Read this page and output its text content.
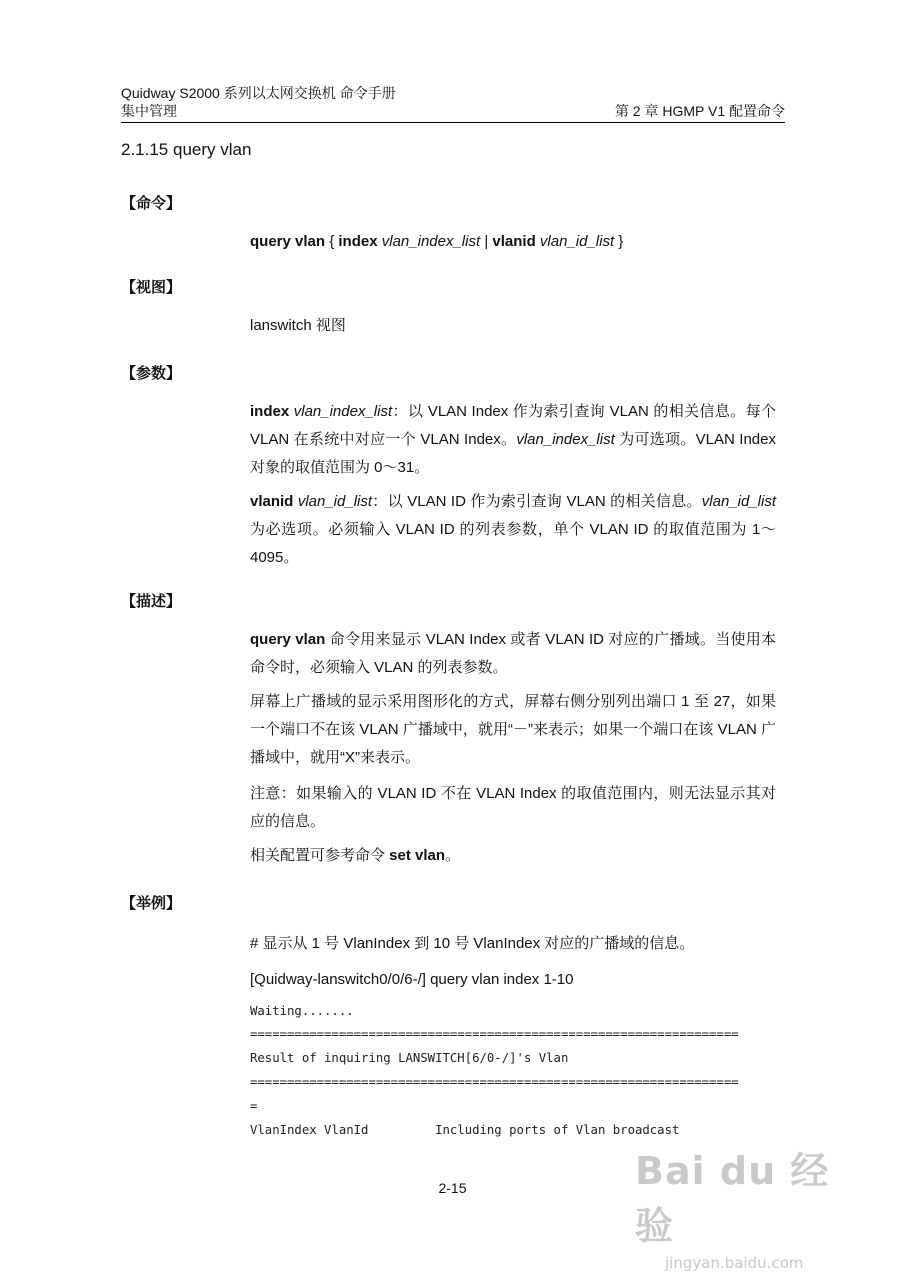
Quidway S2000 系列以太网交换机 命令手册
集中管理	第 2 章 HGMP V1 配置命令
2.1.15 query vlan
【命令】
query vlan { index vlan_index_list | vlanid vlan_id_list }
【视图】
lanswitch 视图
【参数】
index vlan_index_list：以 VLAN Index 作为索引查询 VLAN 的相关信息。每个 VLAN 在系统中对应一个 VLAN Index。vlan_index_list 为可选项。VLAN Index 对象的取值范围为 0～31。
vlanid vlan_id_list：以 VLAN ID 作为索引查询 VLAN 的相关信息。vlan_id_list 为必选项。必须输入 VLAN ID 的列表参数，单个 VLAN ID 的取值范围为 1～4095。
【描述】
query vlan 命令用来显示 VLAN Index 或者 VLAN ID 对应的广播域。当使用本命令时，必须输入 VLAN 的列表参数。
屏幕上广播域的显示采用图形化的方式，屏幕右侧分别列出端口 1 至 27，如果一个端口不在该 VLAN 广播域中，就用“－”来表示；如果一个端口在该 VLAN 广播域中，就用“X”来表示。
注意：如果输入的 VLAN ID 不在 VLAN Index 的取值范围内，则无法显示其对应的信息。
相关配置可参考命令 set vlan。
【举例】
# 显示从 1 号 VlanIndex 到 10 号 VlanIndex 对应的广播域的信息。
[Quidway-lanswitch0/0/6-/] query vlan index 1-10
Waiting.......
==================================================================
Result of inquiring LANSWITCH[6/0-/]'s Vlan
==================================================================
=
VlanIndex VlanId         Including ports of Vlan broadcast
2-15	Bai du 经验
jingyan.baidu.com
